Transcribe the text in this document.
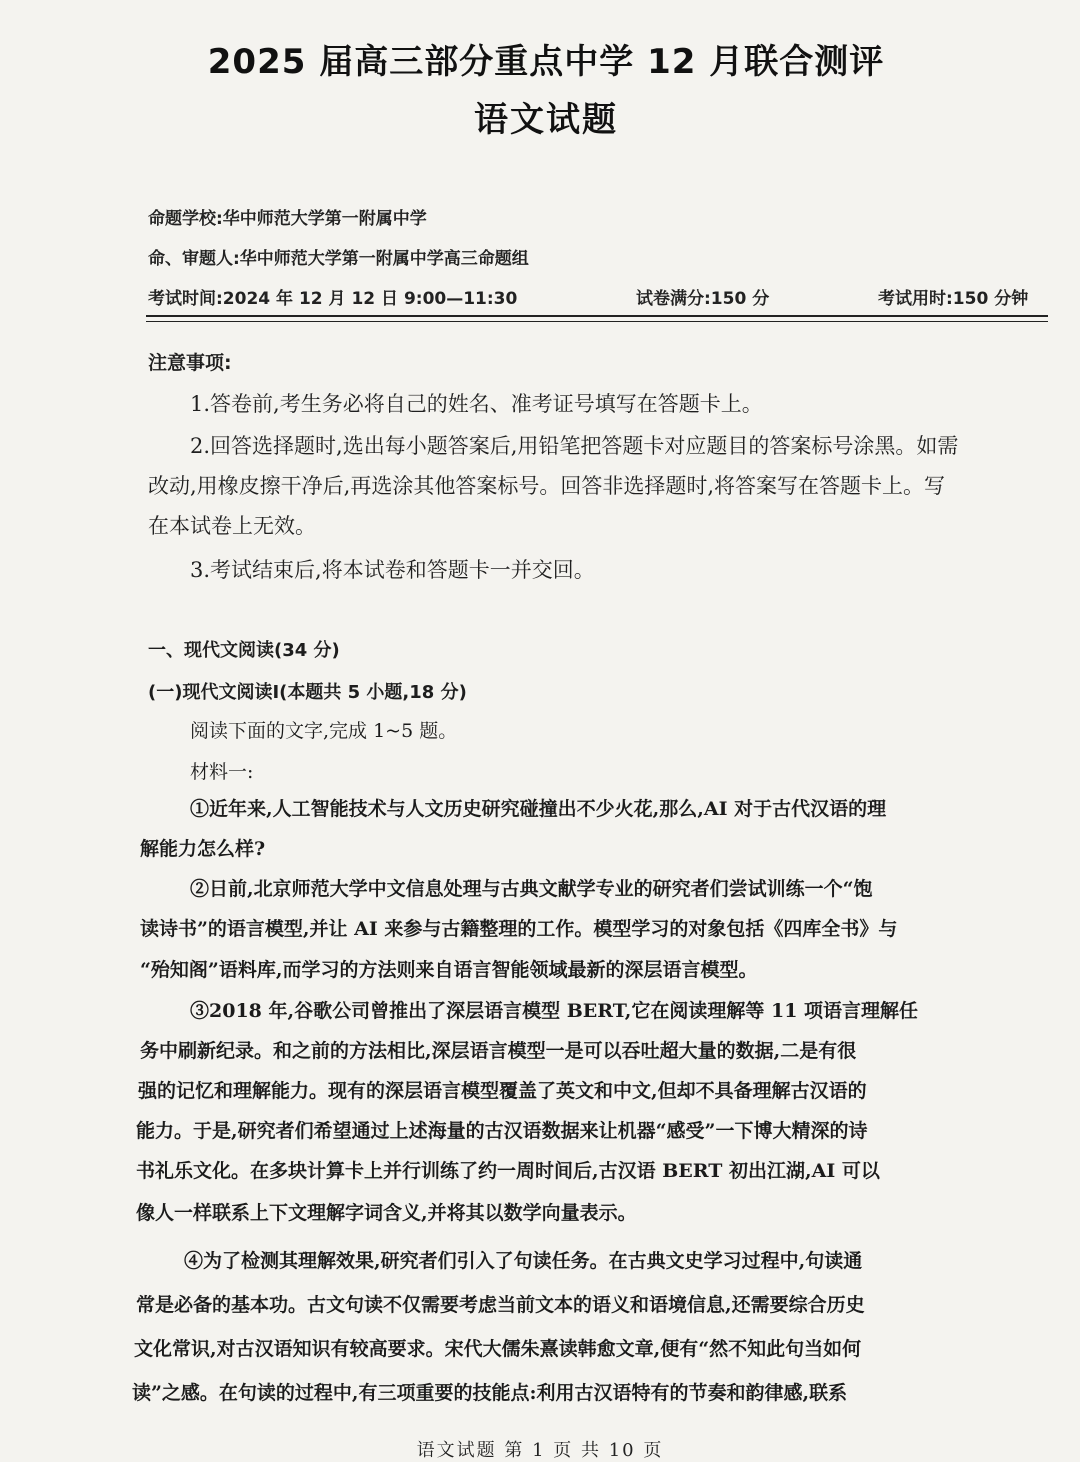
2025 届高三部分重点中学 12 月联合测评
语文试题
命题学校:华中师范大学第一附属中学
命、审题人:华中师范大学第一附属中学高三命题组
考试时间:2024 年 12 月 12 日 9:00—11:30	试卷满分:150 分	考试用时:150 分钟
注意事项:
1.答卷前,考生务必将自己的姓名、准考证号填写在答题卡上。
2.回答选择题时,选出每小题答案后,用铅笔把答题卡对应题目的答案标号涂黑。如需
改动,用橡皮擦干净后,再选涂其他答案标号。回答非选择题时,将答案写在答题卡上。写
在本试卷上无效。
3.考试结束后,将本试卷和答题卡一并交回。
一、现代文阅读(34 分)
(一)现代文阅读Ⅰ(本题共 5 小题,18 分)
阅读下面的文字,完成 1~5 题。
材料一:
①近年来,人工智能技术与人文历史研究碰撞出不少火花,那么,AI 对于古代汉语的理
解能力怎么样?
②日前,北京师范大学中文信息处理与古典文献学专业的研究者们尝试训练一个“饱
读诗书”的语言模型,并让 AI 来参与古籍整理的工作。模型学习的对象包括《四库全书》与
“殆知阁”语料库,而学习的方法则来自语言智能领域最新的深层语言模型。
③2018 年,谷歌公司曾推出了深层语言模型 BERT,它在阅读理解等 11 项语言理解任
务中刷新纪录。和之前的方法相比,深层语言模型一是可以吞吐超大量的数据,二是有很
强的记忆和理解能力。现有的深层语言模型覆盖了英文和中文,但却不具备理解古汉语的
能力。于是,研究者们希望通过上述海量的古汉语数据来让机器“感受”一下博大精深的诗
书礼乐文化。在多块计算卡上并行训练了约一周时间后,古汉语 BERT 初出江湖,AI 可以
像人一样联系上下文理解字词含义,并将其以数学向量表示。
④为了检测其理解效果,研究者们引入了句读任务。在古典文史学习过程中,句读通
常是必备的基本功。古文句读不仅需要考虑当前文本的语义和语境信息,还需要综合历史
文化常识,对古汉语知识有较高要求。宋代大儒朱熹读韩愈文章,便有“然不知此句当如何
读”之感。在句读的过程中,有三项重要的技能点:利用古汉语特有的节奏和韵律感,联系
语文试题 第 1 页 共 10 页
